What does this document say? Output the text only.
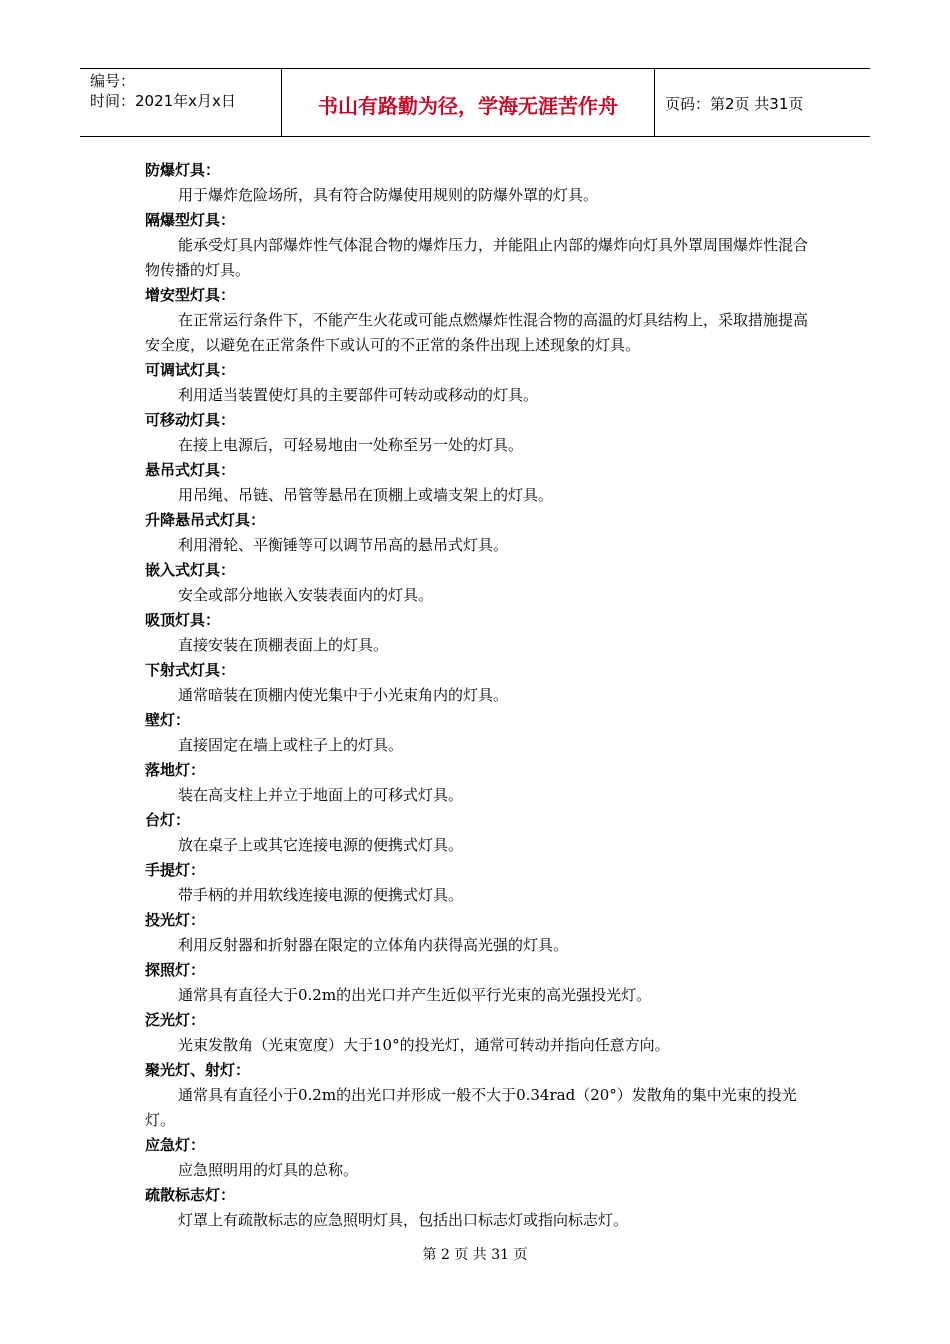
编号：
时间：2021年x月x日	书山有路勤为径，学海无涯苦作舟	页码：第2页 共31页
防爆灯具：
用于爆炸危险场所，具有符合防爆使用规则的防爆外罩的灯具。
隔爆型灯具：
能承受灯具内部爆炸性气体混合物的爆炸压力，并能阻止内部的爆炸向灯具外罩周围爆炸性混合物传播的灯具。
增安型灯具：
在正常运行条件下，不能产生火花或可能点燃爆炸性混合物的高温的灯具结构上，采取措施提高安全度，以避免在正常条件下或认可的不正常的条件出现上述现象的灯具。
可调试灯具：
利用适当装置使灯具的主要部件可转动或移动的灯具。
可移动灯具：
在接上电源后，可轻易地由一处称至另一处的灯具。
悬吊式灯具：
用吊绳、吊链、吊管等悬吊在顶棚上或墙支架上的灯具。
升降悬吊式灯具：
利用滑轮、平衡锤等可以调节吊高的悬吊式灯具。
嵌入式灯具：
安全或部分地嵌入安装表面内的灯具。
吸顶灯具：
直接安装在顶棚表面上的灯具。
下射式灯具：
通常暗装在顶棚内使光集中于小光束角内的灯具。
壁灯：
直接固定在墙上或柱子上的灯具。
落地灯：
装在高支柱上并立于地面上的可移式灯具。
台灯：
放在桌子上或其它连接电源的便携式灯具。
手提灯：
带手柄的并用软线连接电源的便携式灯具。
投光灯：
利用反射器和折射器在限定的立体角内获得高光强的灯具。
探照灯：
通常具有直径大于0.2m的出光口并产生近似平行光束的高光强投光灯。
泛光灯：
光束发散角（光束宽度）大于10°的投光灯，通常可转动并指向任意方向。
聚光灯、射灯：
通常具有直径小于0.2m的出光口并形成一般不大于0.34rad（20°）发散角的集中光束的投光灯。
应急灯：
应急照明用的灯具的总称。
疏散标志灯：
灯罩上有疏散标志的应急照明灯具，包括出口标志灯或指向标志灯。
第 2 页 共 31 页
